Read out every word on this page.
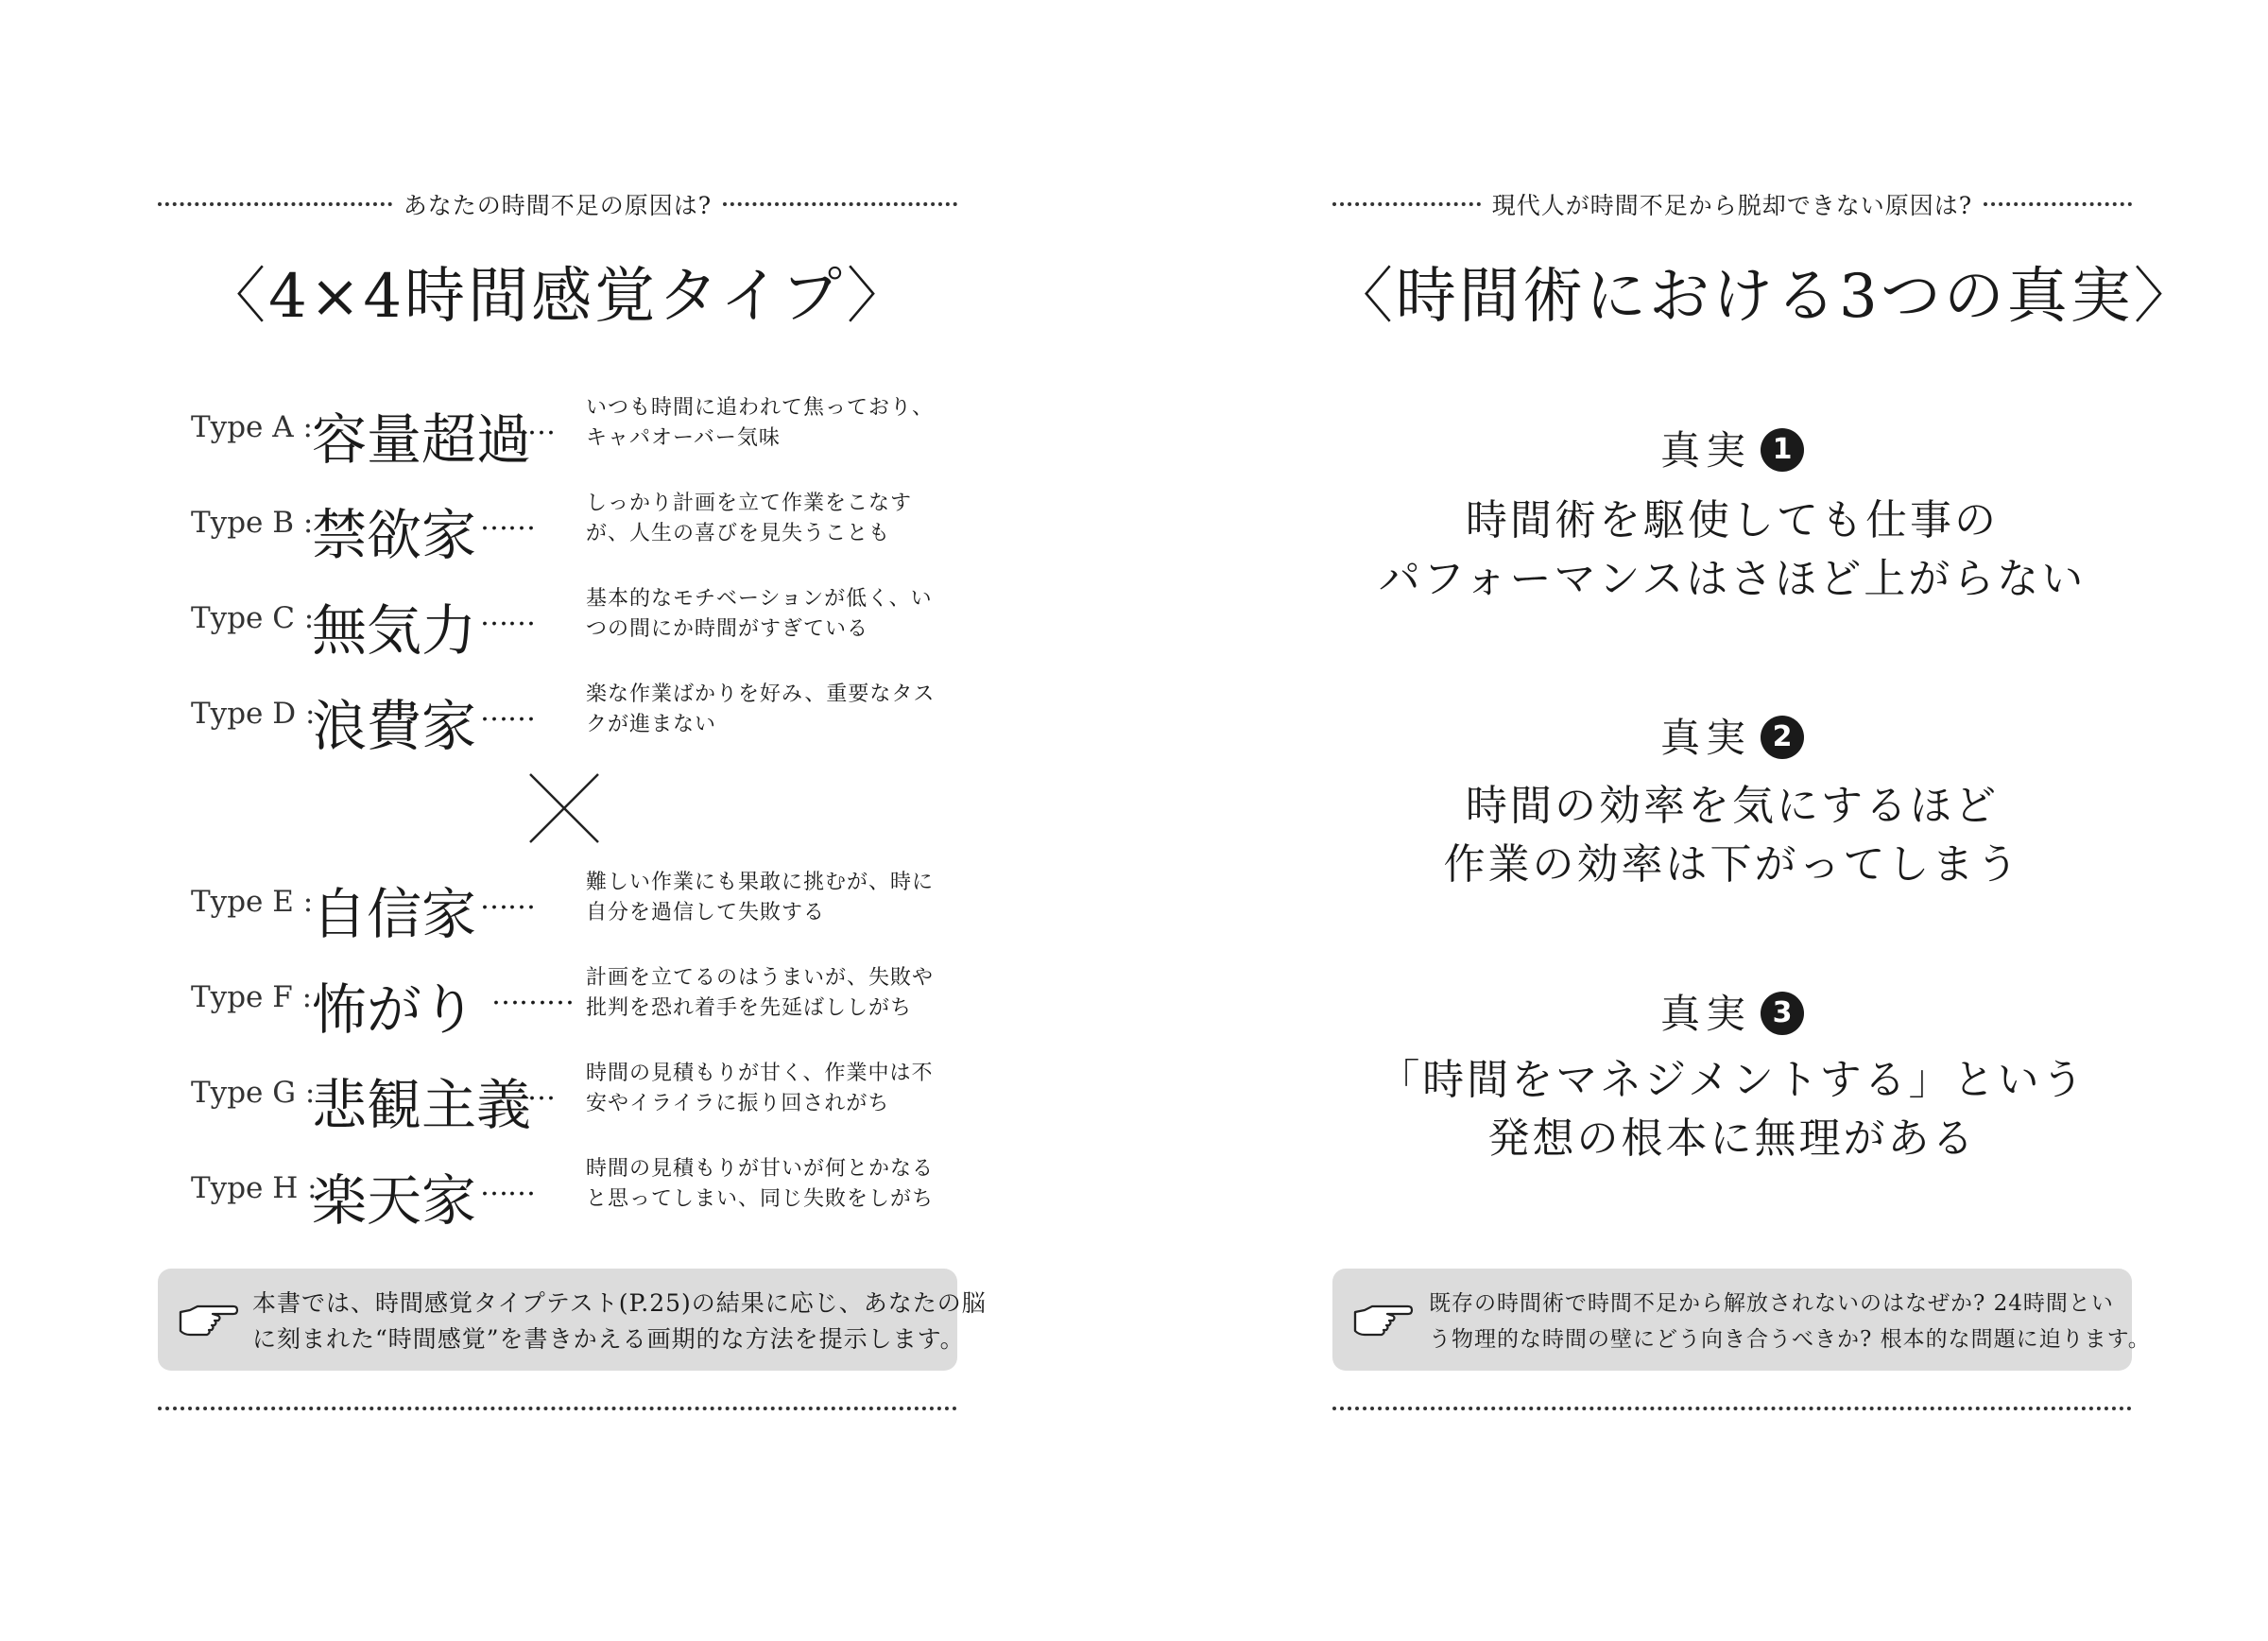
あなたの時間不足の原因は?
〈4×4時間感覚タイプ〉
Type A : 容量超過
…
いつも時間に追われて焦っており、
キャパオーバー気味
Type B :
禁欲家 ……
しっかり計画を立て作業をこなす
が、人生の喜びを見失うことも
Type C :
無気力 ……
基本的なモチベーションが低く、い
つの間にか時間がすぎている
Type D :
浪費家 ……
楽な作業ばかりを好み、重要なタス
クが進まない
Type E :
自信家 ……
難しい作業にも果敢に挑むが、時に
自分を過信して失敗する
Type F : 怖がり ………
計画を立てるのはうまいが、失敗や
批判を恐れ着手を先延ばししがち
Type G :
悲観主義
…
時間の見積もりが甘く、作業中は不
安やイライラに振り回されがち
Type H :
楽天家 ……
時間の見積もりが甘いが何とかなる
と思ってしまい、同じ失敗をしがち
本書では、時間感覚タイプテスト(P.25)の結果に応じ、あなたの脳
に刻まれた“時間感覚”を書きかえる画期的な方法を提示します。
現代人が時間不足から脱却できない原因は?
〈時間術における3つの真実〉
真実 1
時間術を駆使しても仕事の
パフォーマンスはさほど上がらない
真実 2
時間の効率を気にするほど
作業の効率は下がってしまう
真実 3
「時間をマネジメントする」という
発想の根本に無理がある
既存の時間術で時間不足から解放されないのはなぜか? 24時間とい
う物理的な時間の壁にどう向き合うべきか? 根本的な問題に迫ります。
